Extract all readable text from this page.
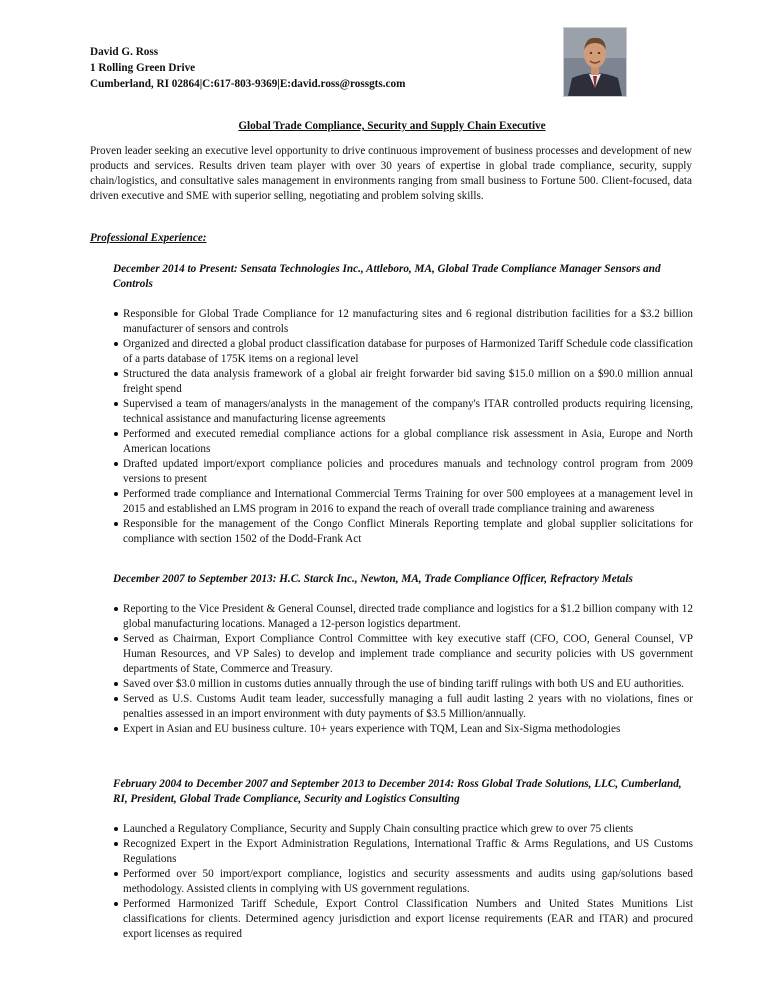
David G. Ross
1 Rolling Green Drive
Cumberland, RI 02864|C:617-803-9369|E:david.ross@rossgts.com
Global Trade Compliance, Security and Supply Chain Executive
Proven leader seeking an executive level opportunity to drive continuous improvement of business processes and development of new products and services. Results driven team player with over 30 years of expertise in global trade compliance, security, supply chain/logistics, and consultative sales management in environments ranging from small business to Fortune 500. Client-focused, data driven executive and SME with superior selling, negotiating and problem solving skills.
Professional Experience:
December 2014 to Present: Sensata Technologies Inc., Attleboro, MA, Global Trade Compliance Manager Sensors and Controls
Responsible for Global Trade Compliance for 12 manufacturing sites and 6 regional distribution facilities for a $3.2 billion manufacturer of sensors and controls
Organized and directed a global product classification database for purposes of Harmonized Tariff Schedule code classification of a parts database of 175K items on a regional level
Structured the data analysis framework of a global air freight forwarder bid saving $15.0 million on a $90.0 million annual freight spend
Supervised a team of managers/analysts in the management of the company's ITAR controlled products requiring licensing, technical assistance and manufacturing license agreements
Performed and executed remedial compliance actions for a global compliance risk assessment in Asia, Europe and North American locations
Drafted updated import/export compliance policies and procedures manuals and technology control program from 2009 versions to present
Performed trade compliance and International Commercial Terms Training for over 500 employees at a management level in 2015 and established an LMS program in 2016 to expand the reach of overall trade compliance training and awareness
Responsible for the management of the Congo Conflict Minerals Reporting template and global supplier solicitations for compliance with section 1502 of the Dodd-Frank Act
December 2007 to September 2013: H.C. Starck Inc., Newton, MA, Trade Compliance Officer, Refractory Metals
Reporting to the Vice President & General Counsel, directed trade compliance and logistics for a $1.2 billion company with 12 global manufacturing locations. Managed a 12-person logistics department.
Served as Chairman, Export Compliance Control Committee with key executive staff (CFO, COO, General Counsel, VP Human Resources, and VP Sales) to develop and implement trade compliance and security policies with US government departments of State, Commerce and Treasury.
Saved over $3.0 million in customs duties annually through the use of binding tariff rulings with both US and EU authorities.
Served as U.S. Customs Audit team leader, successfully managing a full audit lasting 2 years with no violations, fines or penalties assessed in an import environment with duty payments of $3.5 Million/annually.
Expert in Asian and EU business culture. 10+ years experience with TQM, Lean and Six-Sigma methodologies
February 2004 to December 2007 and September 2013 to December 2014: Ross Global Trade Solutions, LLC, Cumberland, RI, President, Global Trade Compliance, Security and Logistics Consulting
Launched a Regulatory Compliance, Security and Supply Chain consulting practice which grew to over 75 clients
Recognized Expert in the Export Administration Regulations, International Traffic & Arms Regulations, and US Customs Regulations
Performed over 50 import/export compliance, logistics and security assessments and audits using gap/solutions based methodology. Assisted clients in complying with US government regulations.
Performed Harmonized Tariff Schedule, Export Control Classification Numbers and United States Munitions List classifications for clients. Determined agency jurisdiction and export license requirements (EAR and ITAR) and procured export licenses as required
